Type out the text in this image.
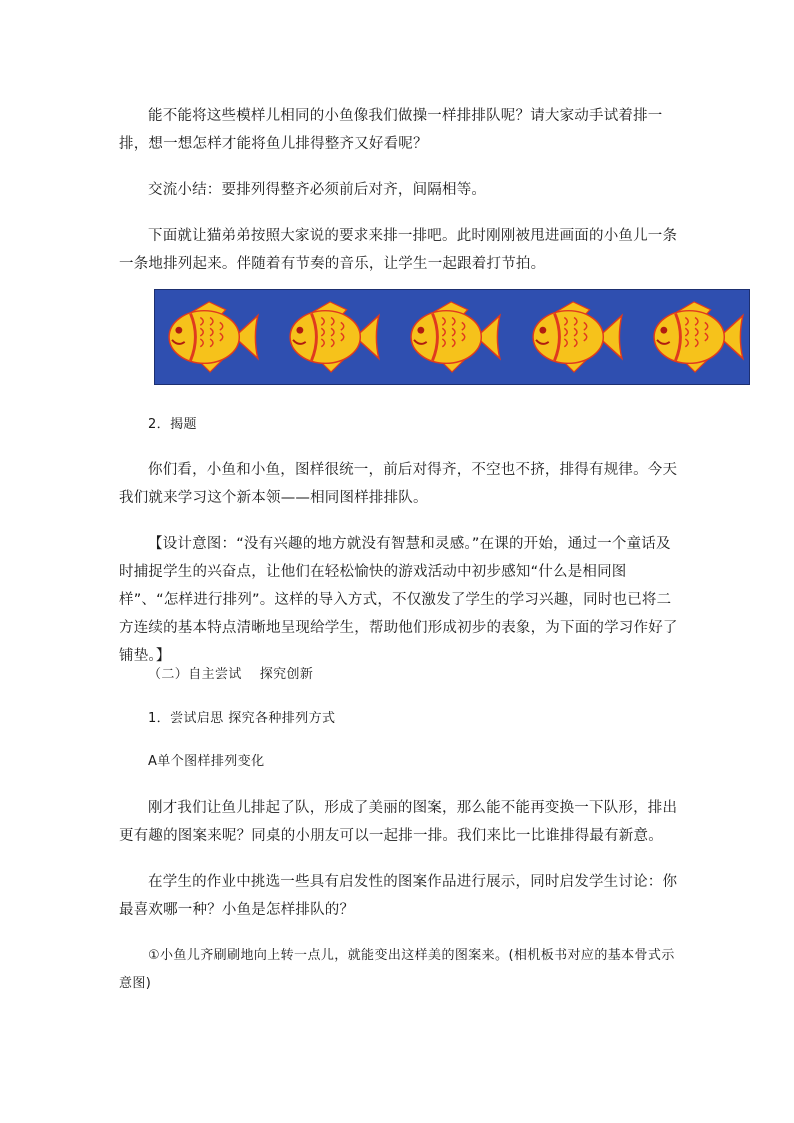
能不能将这些模样儿相同的小鱼像我们做操一样排排队呢？请大家动手试着排一排，想一想怎样才能将鱼儿排得整齐又好看呢？

交流小结：要排列得整齐必须前后对齐，间隔相等。

下面就让猫弟弟按照大家说的要求来排一排吧。此时刚刚被甩进画面的小鱼儿一条一条地排列起来。伴随着有节奏的音乐，让学生一起跟着打节拍。

2．揭题

你们看，小鱼和小鱼，图样很统一，前后对得齐，不空也不挤，排得有规律。今天我们就来学习这个新本领——相同图样排排队。

【设计意图：“没有兴趣的地方就没有智慧和灵感。”在课的开始，通过一个童话及时捕捉学生的兴奋点，让他们在轻松愉快的游戏活动中初步感知“什么是相同图样”、“怎样进行排列”。这样的导入方式，不仅激发了学生的学习兴趣，同时也已将二方连续的基本特点清晰地呈现给学生，帮助他们形成初步的表象，为下面的学习作好了铺垫。】

（二）自主尝试　 探究创新

1．尝试启思 探究各种排列方式

A单个图样排列变化

刚才我们让鱼儿排起了队，形成了美丽的图案，那么能不能再变换一下队形，排出更有趣的图案来呢？同桌的小朋友可以一起排一排。我们来比一比谁排得最有新意。

在学生的作业中挑选一些具有启发性的图案作品进行展示，同时启发学生讨论：你最喜欢哪一种？小鱼是怎样排队的？

①小鱼儿齐刷刷地向上转一点儿，就能变出这样美的图案来。(相机板书对应的基本骨式示意图)
